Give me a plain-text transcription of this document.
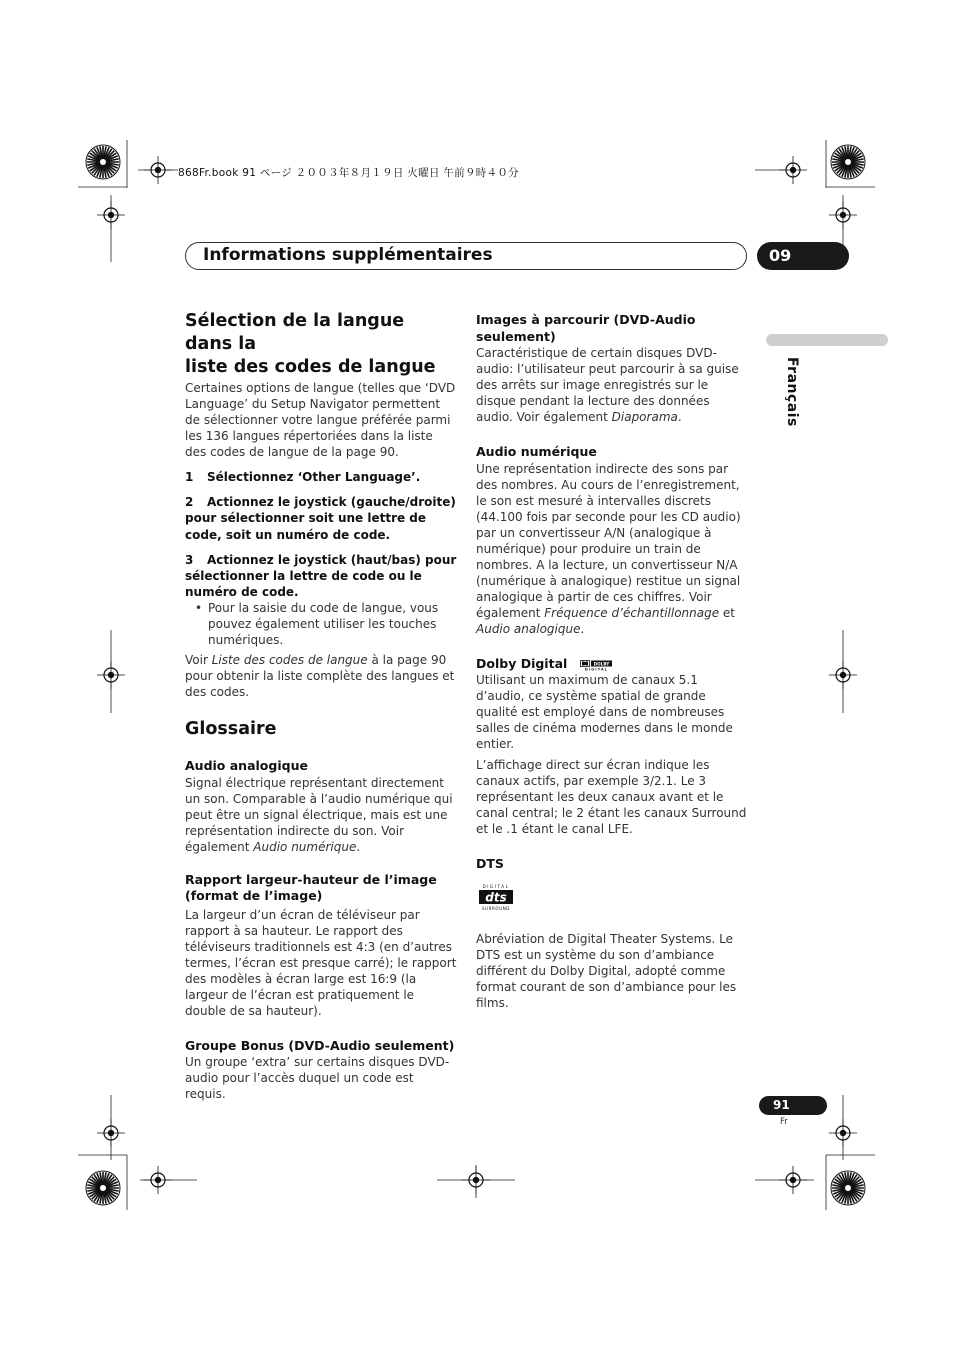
868Fr.book 91 ページ ２００３年８月１９日 火曜日 午前９時４０分
Informations supplémentaires	09
Français
Sélection de la langue dans la
liste des codes de langue

Certaines options de langue (telles que ‘DVD Language’ du Setup Navigator permettent de sélectionner votre langue préférée parmi les 136 langues répertoriées dans la liste des codes de langue de la page 90.

1 Sélectionnez ‘Other Language’.
2 Actionnez le joystick (gauche/droite) pour sélectionner soit une lettre de code, soit un numéro de code.
3 Actionnez le joystick (haut/bas) pour sélectionner la lettre de code ou le numéro de code.
• Pour la saisie du code de langue, vous pouvez également utiliser les touches numériques.

Voir Liste des codes de langue à la page 90 pour obtenir la liste complète des langues et des codes.

Glossaire
Audio analogique

Signal électrique représentant directement un son. Comparable à l’audio numérique qui peut être un signal électrique, mais est une représentation indirecte du son. Voir également Audio numérique.

Rapport largeur-hauteur de l’image
(format de l’image)

La largeur d’un écran de téléviseur par rapport à sa hauteur. Le rapport des téléviseurs traditionnels est 4:3 (en d’autres termes, l’écran est presque carré); le rapport des modèles à écran large est 16:9 (la largeur de l’écran est pratiquement le double de sa hauteur).

Groupe Bonus (DVD-Audio seulement)

Un groupe ‘extra’ sur certains disques DVD-audio pour l’accès duquel un code est requis.

Images à parcourir (DVD-Audio
seulement)

Caractéristique de certain disques DVD-audio: l’utilisateur peut parcourir à sa guise des arrêts sur image enregistrés sur le disque pendant la lecture des données audio. Voir également Diaporama.

Audio numérique

Une représentation indirecte des sons par des nombres. Au cours de l’enregistrement, le son est mesuré à intervalles discrets (44.100 fois par seconde pour les CD audio) par un convertisseur A/N (analogique à numérique) pour produire un train de nombres. A la lecture, un convertisseur N/A (numérique à analogique) restitue un signal analogique à partir de ces chiffres. Voir également Fréquence d’échantillonnage et Audio analogique.

Dolby Digital	DOLBY
DIGITAL

Utilisant un maximum de canaux 5.1 d’audio, ce système spatial de grande qualité est employé dans de nombreuses salles de cinéma modernes dans le monde entier.

L’affichage direct sur écran indique les canaux actifs, par exemple 3/2.1. Le 3 représentant les deux canaux avant et le canal central; le 2 étant les canaux Surround et le .1 étant le canal LFE.

DTS
DIGITAL
dts
SURROUND

Abréviation de Digital Theater Systems. Le DTS est un système du son d’ambiance différent du Dolby Digital, adopté comme format courant de son d’ambiance pour les films.

91
Fr
